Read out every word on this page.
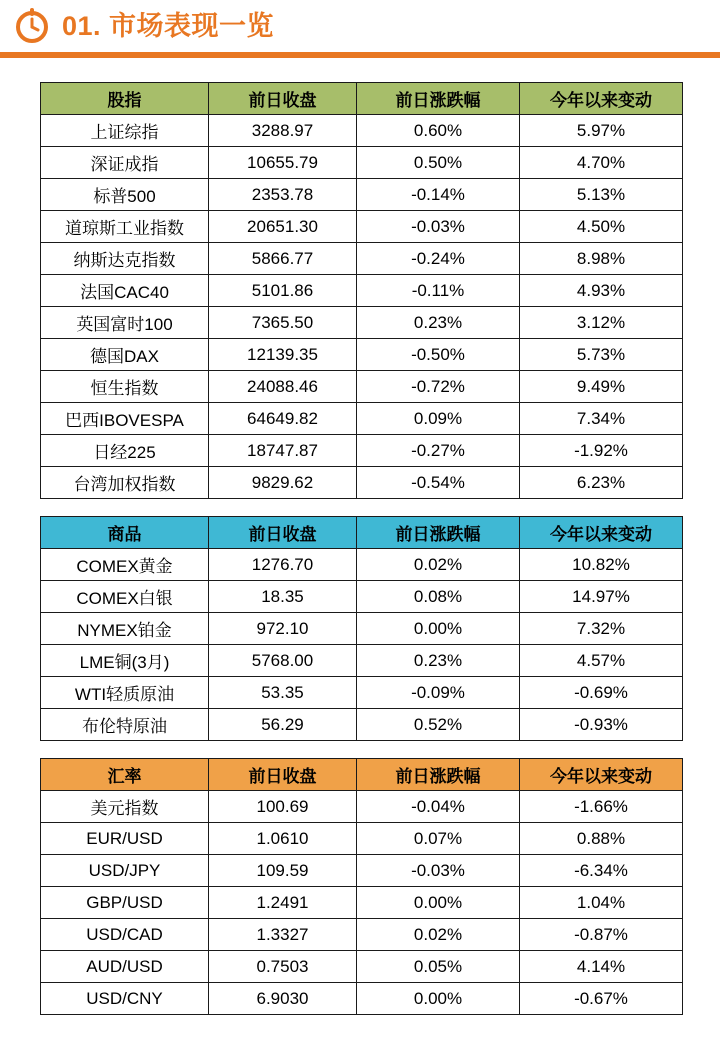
01. 市场表现一览
股指	前日收盘	前日涨跌幅	今年以来变动
上证综指	3288.97	0.60%	5.97%
深证成指	10655.79	0.50%	4.70%
标普500	2353.78	-0.14%	5.13%
道琼斯工业指数	20651.30	-0.03%	4.50%
纳斯达克指数	5866.77	-0.24%	8.98%
法国CAC40	5101.86	-0.11%	4.93%
英国富时100	7365.50	0.23%	3.12%
德国DAX	12139.35	-0.50%	5.73%
恒生指数	24088.46	-0.72%	9.49%
巴西IBOVESPA	64649.82	0.09%	7.34%
日经225	18747.87	-0.27%	-1.92%
台湾加权指数	9829.62	-0.54%	6.23%
商品	前日收盘	前日涨跌幅	今年以来变动
COMEX黄金	1276.70	0.02%	10.82%
COMEX白银	18.35	0.08%	14.97%
NYMEX铂金	972.10	0.00%	7.32%
LME铜(3月)	5768.00	0.23%	4.57%
WTI轻质原油	53.35	-0.09%	-0.69%
布伦特原油	56.29	0.52%	-0.93%
汇率	前日收盘	前日涨跌幅	今年以来变动
美元指数	100.69	-0.04%	-1.66%
EUR/USD	1.0610	0.07%	0.88%
USD/JPY	109.59	-0.03%	-6.34%
GBP/USD	1.2491	0.00%	1.04%
USD/CAD	1.3327	0.02%	-0.87%
AUD/USD	0.7503	0.05%	4.14%
USD/CNY	6.9030	0.00%	-0.67%
